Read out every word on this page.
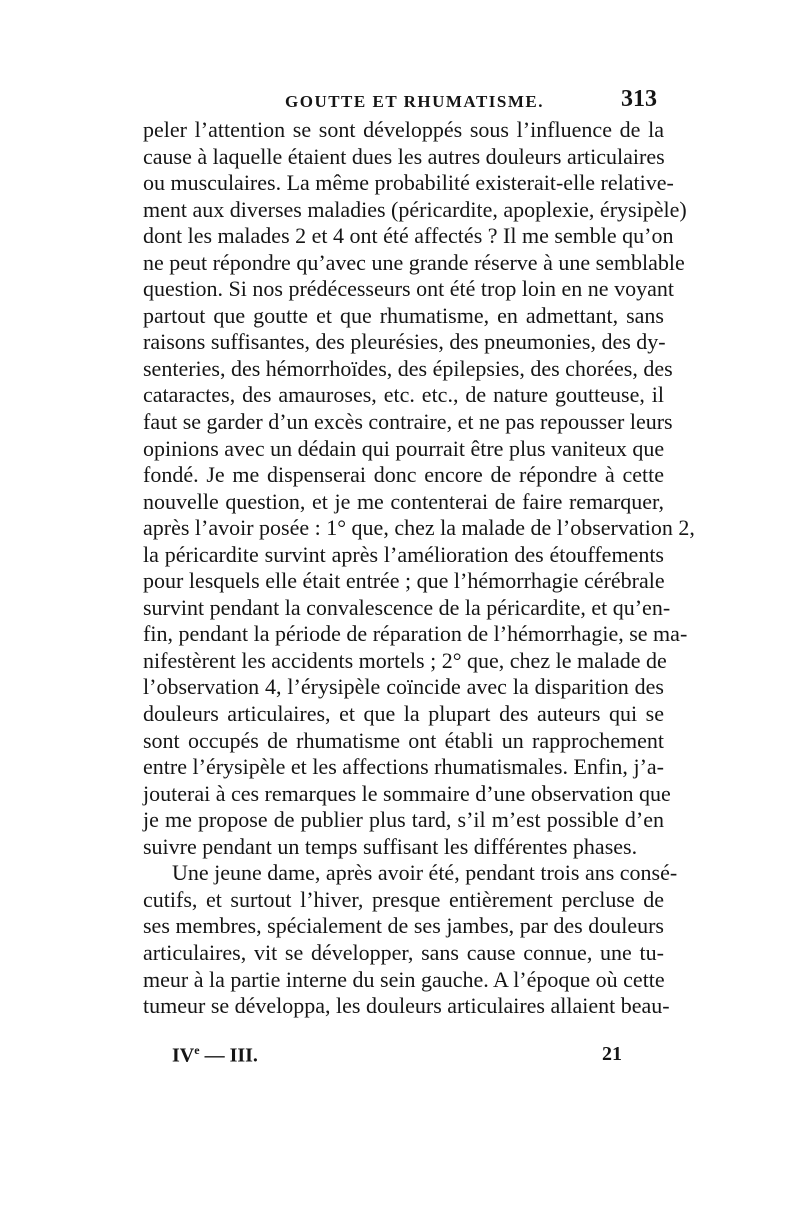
GOUTTE ET RHUMATISME.	313
peler l’attention se sont développés sous l’influence de la
cause à laquelle étaient dues les autres douleurs articulaires
ou musculaires. La même probabilité existerait-elle relative-
ment aux diverses maladies (péricardite, apoplexie, érysipèle)
dont les malades 2 et 4 ont été affectés ? Il me semble qu’on
ne peut répondre qu’avec une grande réserve à une semblable
question. Si nos prédécesseurs ont été trop loin en ne voyant
partout que goutte et que rhumatisme, en admettant, sans
raisons suffisantes, des pleurésies, des pneumonies, des dy-
senteries, des hémorrhoïdes, des épilepsies, des chorées, des
cataractes, des amauroses, etc. etc., de nature goutteuse, il
faut se garder d’un excès contraire, et ne pas repousser leurs
opinions avec un dédain qui pourrait être plus vaniteux que
fondé. Je me dispenserai donc encore de répondre à cette
nouvelle question, et je me contenterai de faire remarquer,
après l’avoir posée : 1° que, chez la malade de l’observation 2,
la péricardite survint après l’amélioration des étouffements
pour lesquels elle était entrée ; que l’hémorrhagie cérébrale
survint pendant la convalescence de la péricardite, et qu’en-
fin, pendant la période de réparation de l’hémorrhagie, se ma-
nifestèrent les accidents mortels ; 2° que, chez le malade de
l’observation 4, l’érysipèle coïncide avec la disparition des
douleurs articulaires, et que la plupart des auteurs qui se
sont occupés de rhumatisme ont établi un rapprochement
entre l’érysipèle et les affections rhumatismales. Enfin, j’a-
jouterai à ces remarques le sommaire d’une observation que
je me propose de publier plus tard, s’il m’est possible d’en
suivre pendant un temps suffisant les différentes phases.
Une jeune dame, après avoir été, pendant trois ans consé-
cutifs, et surtout l’hiver, presque entièrement percluse de
ses membres, spécialement de ses jambes, par des douleurs
articulaires, vit se développer, sans cause connue, une tu-
meur à la partie interne du sein gauche. A l’époque où cette
tumeur se développa, les douleurs articulaires allaient beau-
IVe — III.	21
